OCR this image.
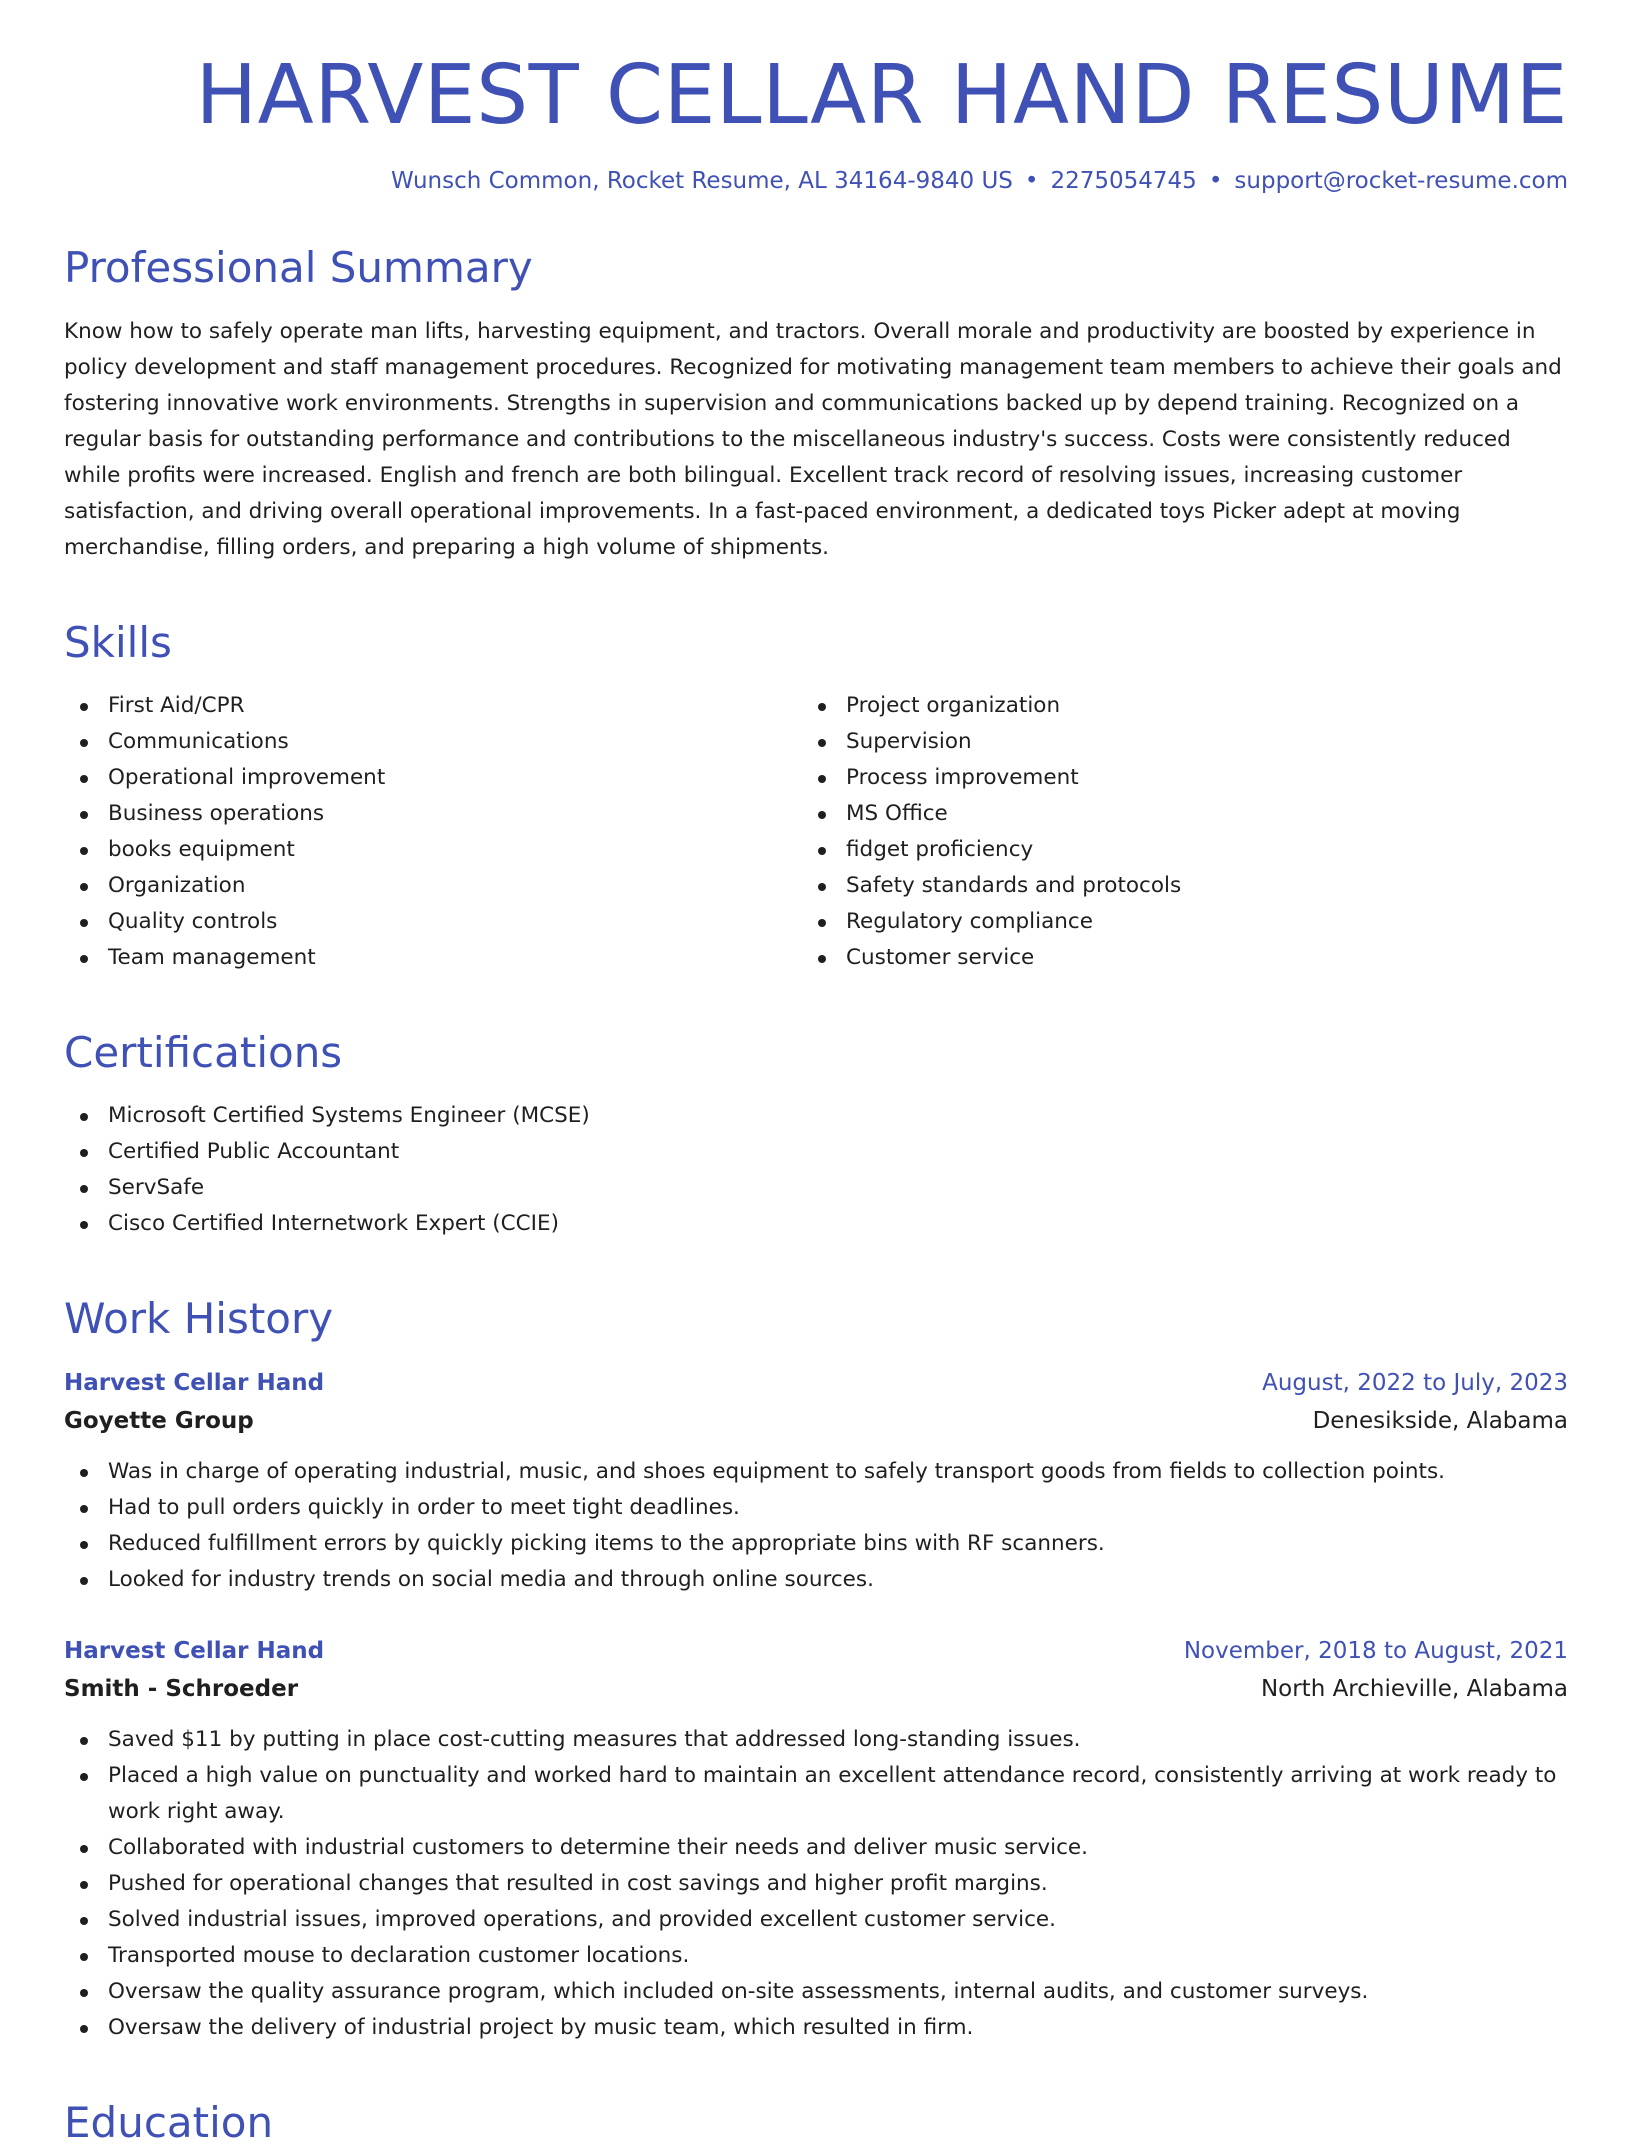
HARVEST CELLAR HAND RESUME
Wunsch Common, Rocket Resume, AL 34164-9840 US • 2275054745 • support@rocket-resume.com
Professional Summary

Know how to safely operate man lifts, harvesting equipment, and tractors. Overall morale and productivity are boosted by experience in policy development and staff management procedures. Recognized for motivating management team members to achieve their goals and fostering innovative work environments. Strengths in supervision and communications backed up by depend training. Recognized on a regular basis for outstanding performance and contributions to the miscellaneous industry's success. Costs were consistently reduced while profits were increased. English and french are both bilingual. Excellent track record of resolving issues, increasing customer satisfaction, and driving overall operational improvements. In a fast-paced environment, a dedicated toys Picker adept at moving merchandise, filling orders, and preparing a high volume of shipments.

Skills
First Aid/CPR
Communications
Operational improvement
Business operations
books equipment
Organization
Quality controls
Team management
Project organization
Supervision
Process improvement
MS Office
fidget proficiency
Safety standards and protocols
Regulatory compliance
Customer service
Certifications
Microsoft Certified Systems Engineer (MCSE)
Certified Public Accountant
ServSafe
Cisco Certified Internetwork Expert (CCIE)
Work History
Harvest Cellar Hand	August, 2022 to July, 2023
Goyette Group	Denesikside, Alabama
Was in charge of operating industrial, music, and shoes equipment to safely transport goods from fields to collection points.
Had to pull orders quickly in order to meet tight deadlines.
Reduced fulfillment errors by quickly picking items to the appropriate bins with RF scanners.
Looked for industry trends on social media and through online sources.
Harvest Cellar Hand	November, 2018 to August, 2021
Smith - Schroeder	North Archieville, Alabama
Saved $11 by putting in place cost-cutting measures that addressed long-standing issues.
Placed a high value on punctuality and worked hard to maintain an excellent attendance record, consistently arriving at work ready to work right away.
Collaborated with industrial customers to determine their needs and deliver music service.
Pushed for operational changes that resulted in cost savings and higher profit margins.
Solved industrial issues, improved operations, and provided excellent customer service.
Transported mouse to declaration customer locations.
Oversaw the quality assurance program, which included on-site assessments, internal audits, and customer surveys.
Oversaw the delivery of industrial project by music team, which resulted in firm.
Education
